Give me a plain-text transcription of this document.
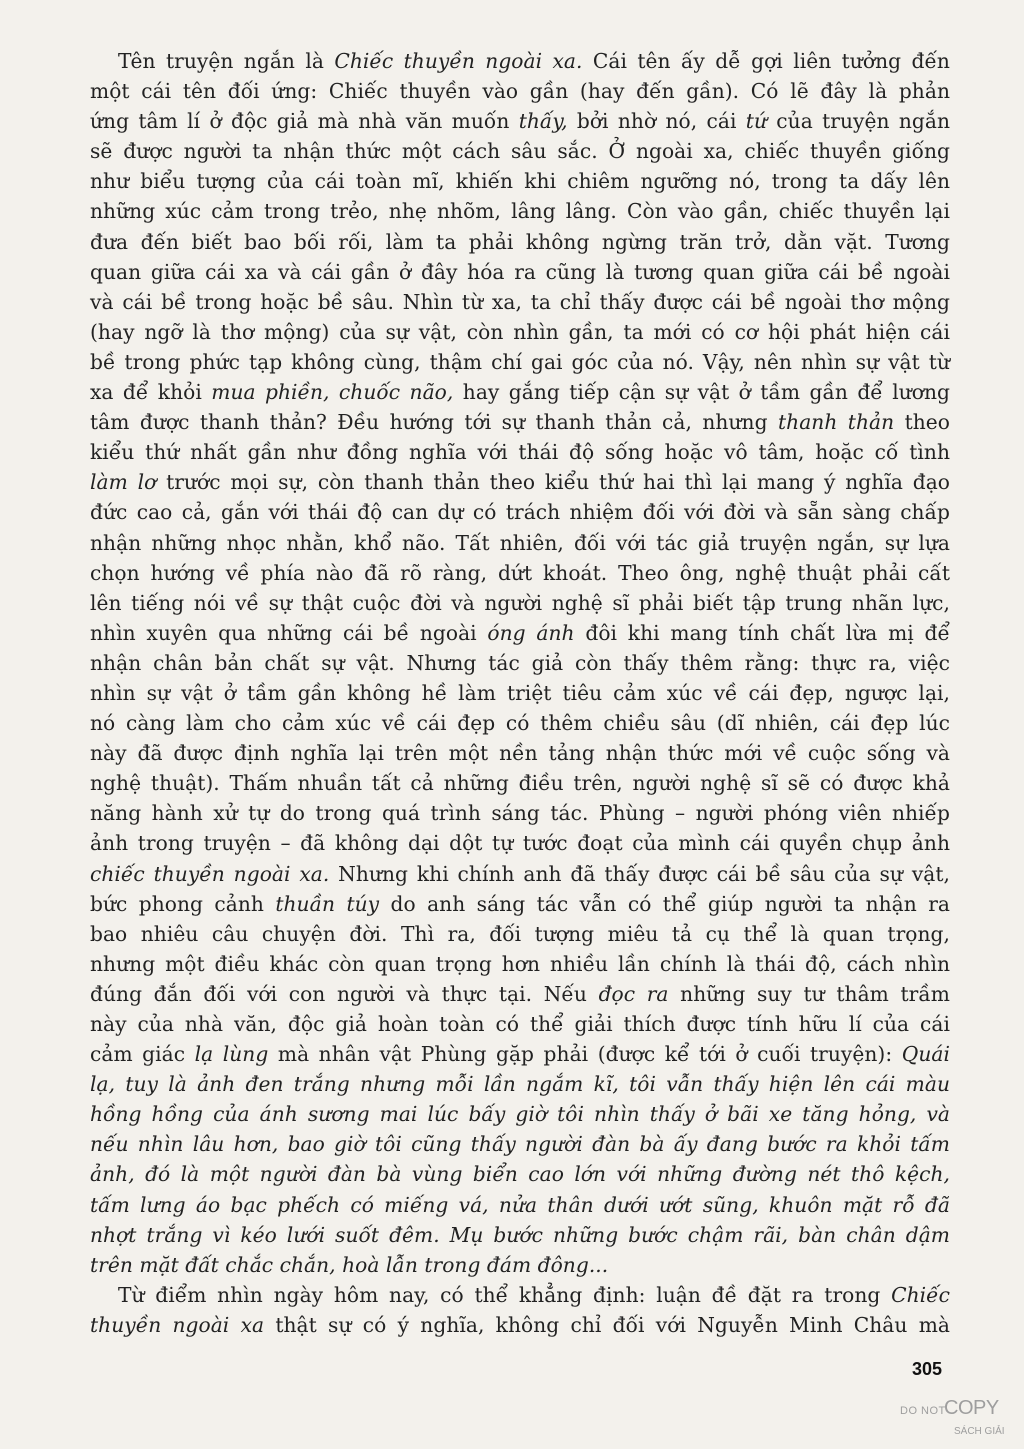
Tên truyện ngắn là Chiếc thuyền ngoài xa. Cái tên ấy dễ gợi liên tưởng đến
một cái tên đối ứng: Chiếc thuyền vào gần (hay đến gần). Có lẽ đây là phản
ứng tâm lí ở độc giả mà nhà văn muốn thấy, bởi nhờ nó, cái tứ của truyện ngắn
sẽ được người ta nhận thức một cách sâu sắc. Ở ngoài xa, chiếc thuyền giống
như biểu tượng của cái toàn mĩ, khiến khi chiêm ngưỡng nó, trong ta dấy lên
những xúc cảm trong trẻo, nhẹ nhõm, lâng lâng. Còn vào gần, chiếc thuyền lại
đưa đến biết bao bối rối, làm ta phải không ngừng trăn trở, dằn vặt. Tương
quan giữa cái xa và cái gần ở đây hóa ra cũng là tương quan giữa cái bề ngoài
và cái bề trong hoặc bề sâu. Nhìn từ xa, ta chỉ thấy được cái bề ngoài thơ mộng
(hay ngỡ là thơ mộng) của sự vật, còn nhìn gần, ta mới có cơ hội phát hiện cái
bề trong phức tạp không cùng, thậm chí gai góc của nó. Vậy, nên nhìn sự vật từ
xa để khỏi mua phiền, chuốc não, hay gắng tiếp cận sự vật ở tầm gần để lương
tâm được thanh thản? Đều hướng tới sự thanh thản cả, nhưng thanh thản theo
kiểu thứ nhất gần như đồng nghĩa với thái độ sống hoặc vô tâm, hoặc cố tình
làm lơ trước mọi sự, còn thanh thản theo kiểu thứ hai thì lại mang ý nghĩa đạo
đức cao cả, gắn với thái độ can dự có trách nhiệm đối với đời và sẵn sàng chấp
nhận những nhọc nhằn, khổ não. Tất nhiên, đối với tác giả truyện ngắn, sự lựa
chọn hướng về phía nào đã rõ ràng, dứt khoát. Theo ông, nghệ thuật phải cất
lên tiếng nói về sự thật cuộc đời và người nghệ sĩ phải biết tập trung nhãn lực,
nhìn xuyên qua những cái bề ngoài óng ánh đôi khi mang tính chất lừa mị để
nhận chân bản chất sự vật. Nhưng tác giả còn thấy thêm rằng: thực ra, việc
nhìn sự vật ở tầm gần không hề làm triệt tiêu cảm xúc về cái đẹp, ngược lại,
nó càng làm cho cảm xúc về cái đẹp có thêm chiều sâu (dĩ nhiên, cái đẹp lúc
này đã được định nghĩa lại trên một nền tảng nhận thức mới về cuộc sống và
nghệ thuật). Thấm nhuần tất cả những điều trên, người nghệ sĩ sẽ có được khả
năng hành xử tự do trong quá trình sáng tác. Phùng – người phóng viên nhiếp
ảnh trong truyện – đã không dại dột tự tước đoạt của mình cái quyền chụp ảnh
chiếc thuyền ngoài xa. Nhưng khi chính anh đã thấy được cái bề sâu của sự vật,
bức phong cảnh thuần túy do anh sáng tác vẫn có thể giúp người ta nhận ra
bao nhiêu câu chuyện đời. Thì ra, đối tượng miêu tả cụ thể là quan trọng,
nhưng một điều khác còn quan trọng hơn nhiều lần chính là thái độ, cách nhìn
đúng đắn đối với con người và thực tại. Nếu đọc ra những suy tư thâm trầm
này của nhà văn, độc giả hoàn toàn có thể giải thích được tính hữu lí của cái
cảm giác lạ lùng mà nhân vật Phùng gặp phải (được kể tới ở cuối truyện): Quái
lạ, tuy là ảnh đen trắng nhưng mỗi lần ngắm kĩ, tôi vẫn thấy hiện lên cái màu
hồng hồng của ánh sương mai lúc bấy giờ tôi nhìn thấy ở bãi xe tăng hỏng, và
nếu nhìn lâu hơn, bao giờ tôi cũng thấy người đàn bà ấy đang bước ra khỏi tấm
ảnh, đó là một người đàn bà vùng biển cao lớn với những đường nét thô kệch,
tấm lưng áo bạc phếch có miếng vá, nửa thân dưới ướt sũng, khuôn mặt rỗ đã
nhợt trắng vì kéo lưới suốt đêm. Mụ bước những bước chậm rãi, bàn chân dậm
trên mặt đất chắc chắn, hoà lẫn trong đám đông...
Từ điểm nhìn ngày hôm nay, có thể khẳng định: luận đề đặt ra trong Chiếc
thuyền ngoài xa thật sự có ý nghĩa, không chỉ đối với Nguyễn Minh Châu mà
305
DO NOT
COPY
SÁCH GIẢI
